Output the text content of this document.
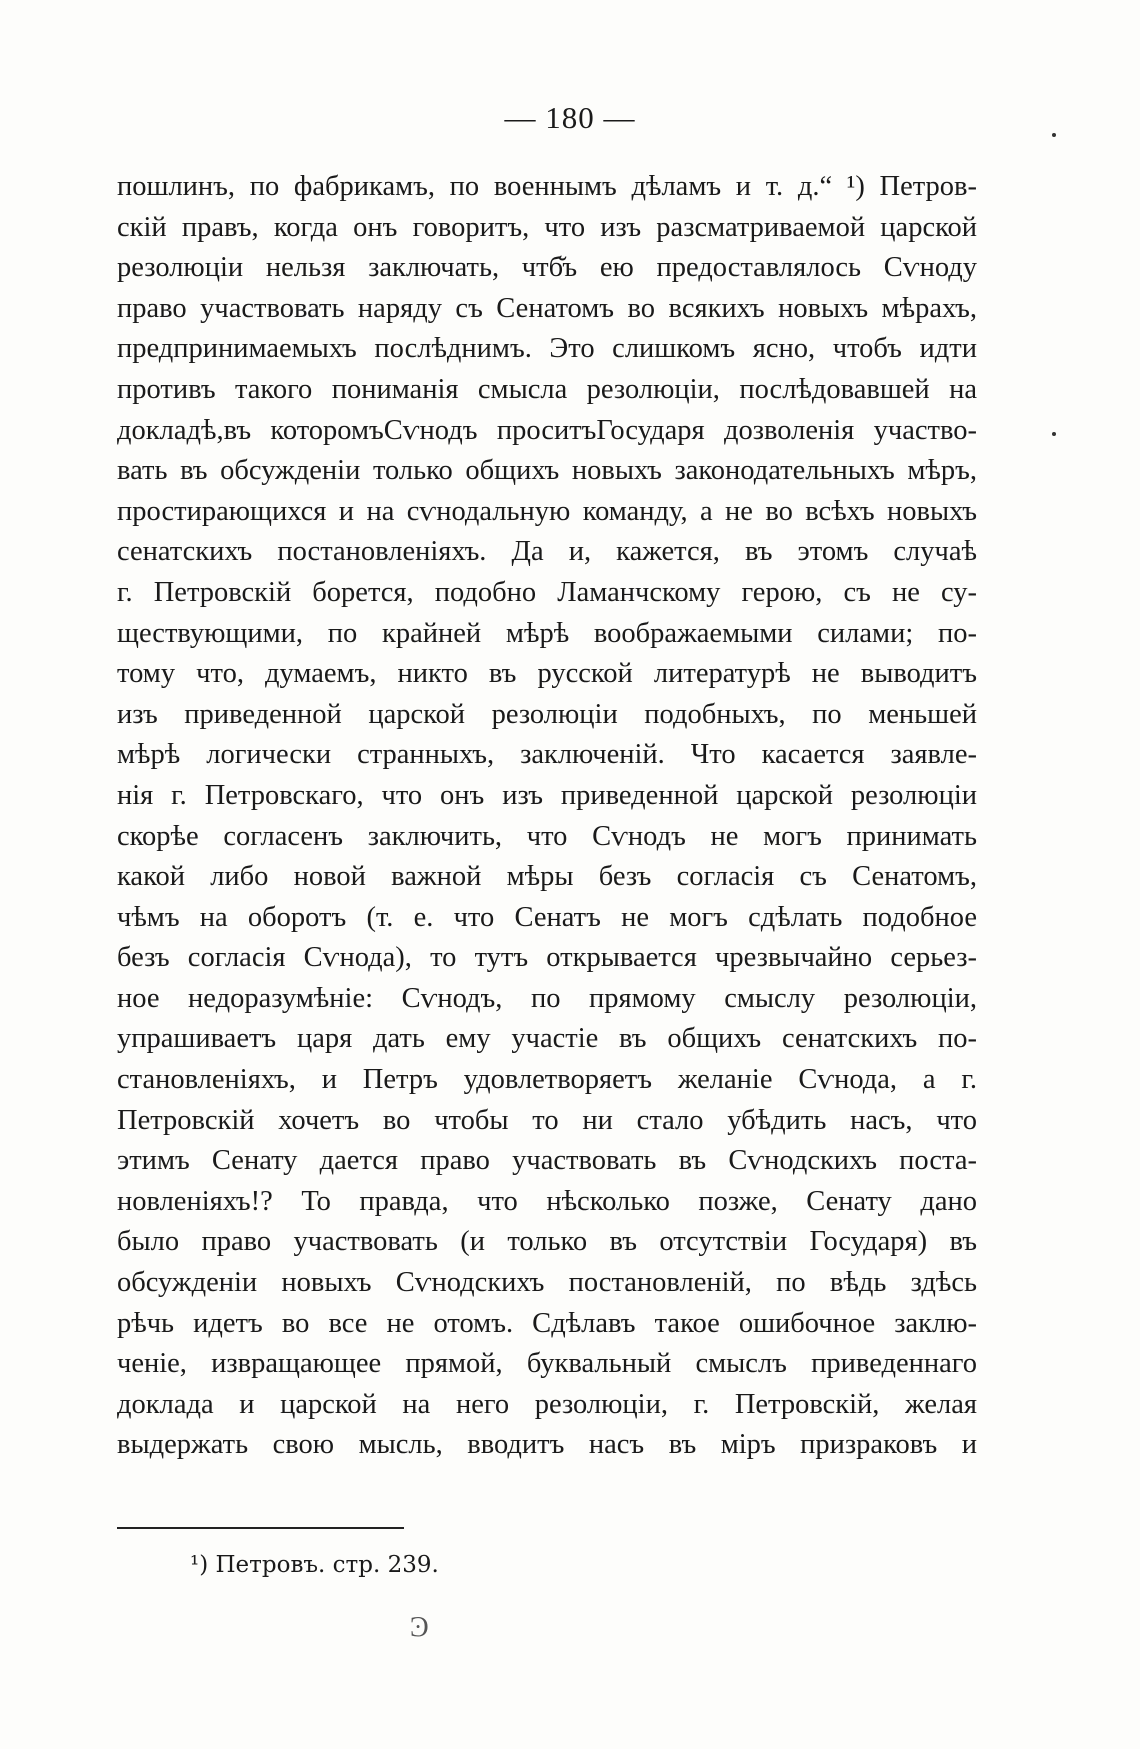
— 180 —
пошлинъ, по фабрикамъ, по военнымъ дѣламъ и т. д.“ ¹) Петров-
скій правъ, когда онъ говоритъ, что изъ разсматриваемой царской
резолюціи нельзя заключать, чтб̆ъ ею предоставлялось Сѵноду
право участвовать наряду съ Сенатомъ во всякихъ новыхъ мѣрахъ,
предпринимаемыхъ послѣднимъ. Это слишкомъ ясно, чтобъ идти
противъ такого пониманія смысла резолюціи, послѣдовавшей на
докладѣ,въ которомъСѵнодъ проситъГосударя дозволенія участво-
вать въ обсужденіи только общихъ новыхъ законодательныхъ мѣръ,
простирающихся и на сѵнодальную команду, а не во всѣхъ новыхъ
сенатскихъ постановленіяхъ. Да и, кажется, въ этомъ случаѣ
г. Петровскій борется, подобно Ламанчскому герою, съ не су-
ществующими, по крайней мѣрѣ воображаемыми силами; по-
тому что, думаемъ, никто въ русской литературѣ не выводитъ
изъ приведенной царской резолюціи подобныхъ, по меньшей
мѣрѣ логически странныхъ, заключеній. Что касается заявле-
нія г. Петровскаго, что онъ изъ приведенной царской резолюціи
скорѣе согласенъ заключить, что Сѵнодъ не могъ принимать
какой либо новой важной мѣры безъ согласія съ Сенатомъ,
чѣмъ на оборотъ (т. е. что Сенатъ не могъ сдѣлать подобное
безъ согласія Сѵнода), то тутъ открывается чрезвычайно серьез-
ное недоразумѣніе: Сѵнодъ, по прямому смыслу резолюціи,
упрашиваетъ царя дать ему участіе въ общихъ сенатскихъ по-
становленіяхъ, и Петръ удовлетворяетъ желаніе Сѵнода, а г.
Петровскій хочетъ во чтобы то ни стало убѣдить насъ, что
этимъ Сенату дается право участвовать въ Сѵнодскихъ поста-
новленіяхъ!? То правда, что нѣсколько позже, Сенату дано
было право участвовать (и только въ отсутствіи Государя) въ
обсужденіи новыхъ Сѵнодскихъ постановленій, по вѣдь здѣсь
рѣчь идетъ во все не отомъ. Сдѣлавъ такое ошибочное заклю-
ченіе, извращающее прямой, буквальный смыслъ приведеннаго
доклада и царской на него резолюціи, г. Петровскій, желая
выдержать свою мысль, вводитъ насъ въ міръ призраковъ и
¹) Петровъ. стр. 239.
Ͽ
